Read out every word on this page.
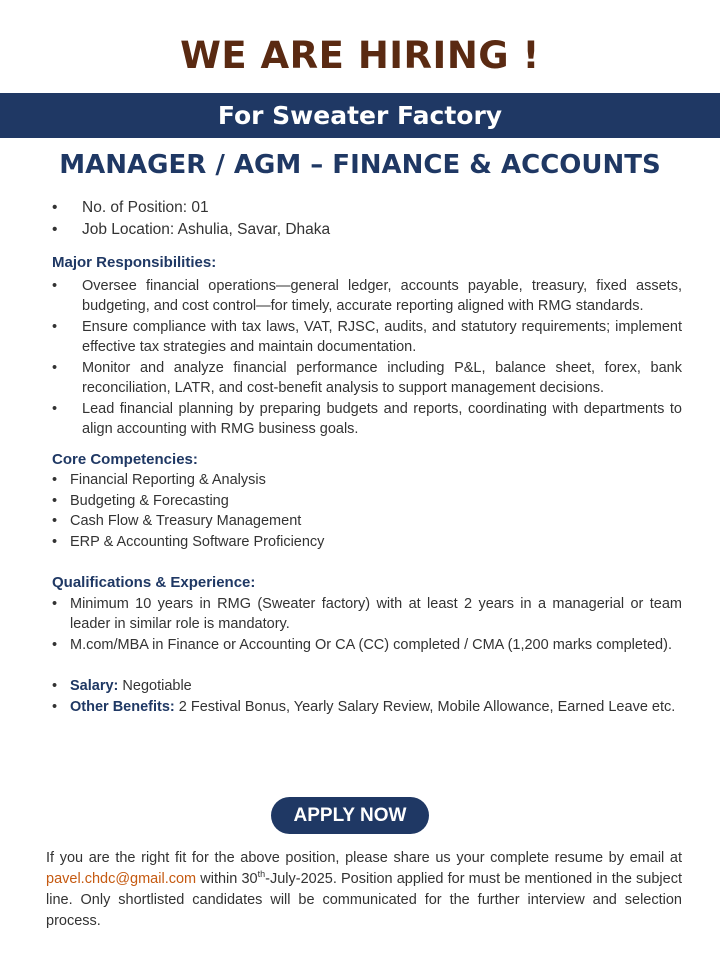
WE ARE HIRING !
For Sweater Factory
MANAGER / AGM – FINANCE & ACCOUNTS
• No. of Position: 01
• Job Location: Ashulia, Savar, Dhaka

Major Responsibilities:

• Oversee financial operations—general ledger, accounts payable, treasury, fixed assets, budgeting, and cost control—for timely, accurate reporting aligned with RMG standards.
• Ensure compliance with tax laws, VAT, RJSC, audits, and statutory requirements; implement effective tax strategies and maintain documentation.
• Monitor and analyze financial performance including P&L, balance sheet, forex, bank reconciliation, LATR, and cost-benefit analysis to support management decisions.
• Lead financial planning by preparing budgets and reports, coordinating with departments to align accounting with RMG business goals.

Core Competencies:

• Financial Reporting & Analysis
• Budgeting & Forecasting
• Cash Flow & Treasury Management
• ERP & Accounting Software Proficiency

Qualifications & Experience:

• Minimum 10 years in RMG (Sweater factory) with at least 2 years in a managerial or team leader in similar role is mandatory.
• M.com/MBA in Finance or Accounting Or CA (CC) completed / CMA (1,200 marks completed).
• Salary: Negotiable
• Other Benefits: 2 Festival Bonus, Yearly Salary Review, Mobile Allowance, Earned Leave etc.
APPLY NOW
If you are the right fit for the above position, please share us your complete resume by email at pavel.chdc@gmail.com within 30th-July-2025. Position applied for must be mentioned in the subject line. Only shortlisted candidates will be communicated for the further interview and selection process.
